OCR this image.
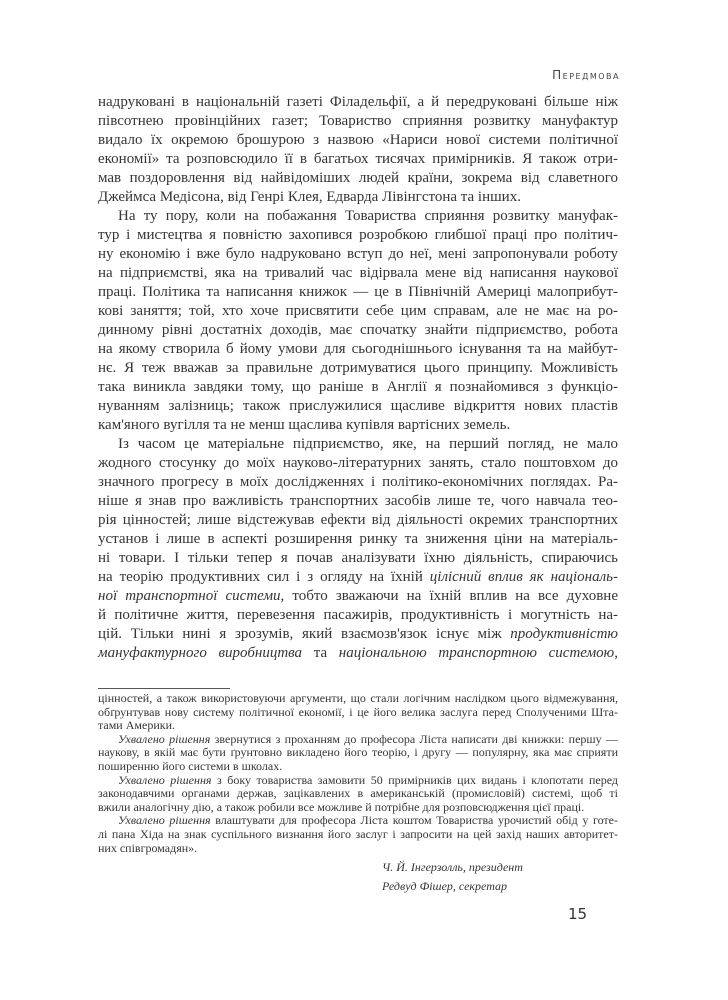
Передмова
надруковані в національній газеті Філадельфії, а й передруковані більше ніж
півсотнею провінційних газет; Товариство сприяння розвитку мануфактур
видало їх окремою брошурою з назвою «Нариси нової системи політичної
економії» та розповсюдило її в багатьох тисячах примірників. Я також отри-
мав поздоровлення від найвідоміших людей країни, зокрема від славетного
Джеймса Медісона, від Генрі Клея, Едварда Лівінгстона та інших.
На ту пору, коли на побажання Товариства сприяння розвитку мануфак-
тур і мистецтва я повністю захопився розробкою глибшої праці про політич-
ну економію і вже було надруковано вступ до неї, мені запропонували роботу
на підприємстві, яка на тривалий час відірвала мене від написання наукової
праці. Політика та написання книжок — це в Північній Америці малоприбут-
кові заняття; той, хто хоче присвятити себе цим справам, але не має на ро-
динному рівні достатніх доходів, має спочатку знайти підприємство, робота
на якому створила б йому умови для сьогоднішнього існування та на майбут-
нє. Я теж вважав за правильне дотримуватися цього принципу. Можливість
така виникла завдяки тому, що раніше в Англії я познайомився з функціо-
нуванням залізниць; також прислужилися щасливе відкриття нових пластів
кам'яного вугілля та не менш щаслива купівля вартісних земель.
Із часом це матеріальне підприємство, яке, на перший погляд, не мало
жодного стосунку до моїх науково-літературних занять, стало поштовхом до
значного прогресу в моїх дослідженнях і політико-економічних поглядах. Ра-
ніше я знав про важливість транспортних засобів лише те, чого навчала тео-
рія цінностей; лише відстежував ефекти від діяльності окремих транспортних
установ і лише в аспекті розширення ринку та зниження ціни на матеріаль-
ні товари. І тільки тепер я почав аналізувати їхню діяльність, спираючись
на теорію продуктивних сил і з огляду на їхній цілісний вплив як національ-
ної транспортної системи, тобто зважаючи на їхній вплив на все духовне
й політичне життя, перевезення пасажирів, продуктивність і могутність на-
цій. Тільки нині я зрозумів, який взаємозв'язок існує між продуктивністю
мануфактурного виробництва та національною транспортною системою,
цінностей, а також використовуючи аргументи, що стали логічним наслідком цього відмежування,
обґрунтував нову систему політичної економії, і це його велика заслуга перед Сполученими Шта-
тами Америки.
Ухвалено рішення звернутися з проханням до професора Ліста написати дві книжки: першу —
наукову, в якій має бути ґрунтовно викладено його теорію, і другу — популярну, яка має сприяти
поширенню його системи в школах.
Ухвалено рішення з боку товариства замовити 50 примірників цих видань і клопотати перед
законодавчими органами держав, зацікавлених в американській (промисловій) системі, щоб ті
вжили аналогічну дію, а також робили все можливе й потрібне для розповсюдження цієї праці.
Ухвалено рішення влаштувати для професора Ліста коштом Товариства урочистий обід у готе-
лі пана Хіда на знак суспільного визнання його заслуг і запросити на цей захід наших авторитет-
них співгромадян».
Ч. Й. Інгерзолль, президент
Редвуд Фішер, секретар
15
